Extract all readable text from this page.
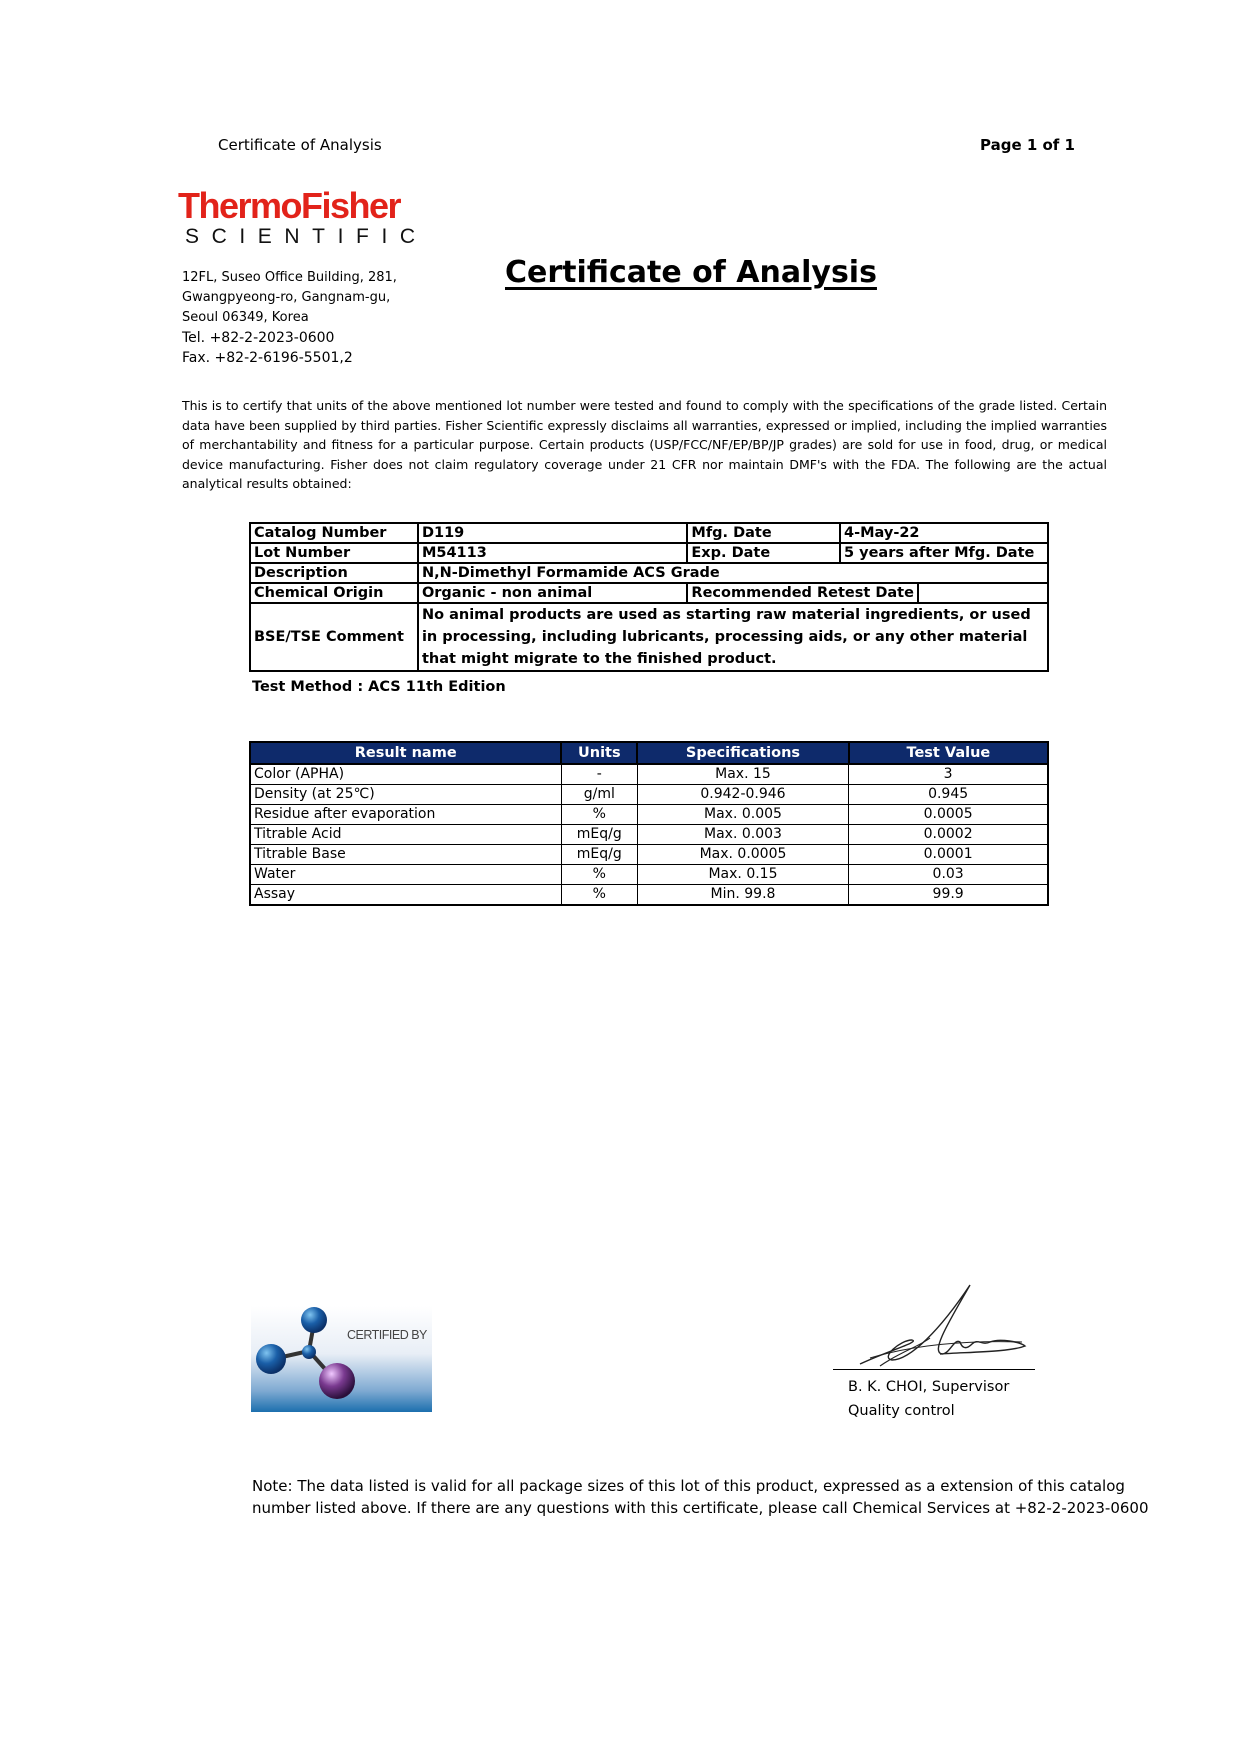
Certificate of Analysis	Page 1 of 1
ThermoFisher
SCIENTIFIC
12FL, Suseo Office Building, 281,
Gwangpyeong-ro, Gangnam-gu,
Seoul 06349, Korea
Tel. +82-2-2023-0600
Fax. +82-2-6196-5501,2
Certificate of Analysis
This is to certify that units of the above mentioned lot number were tested and found to comply with the specifications of the grade listed. Certain data have been supplied by third parties. Fisher Scientific expressly disclaims all warranties, expressed or implied, including the implied warranties of merchantability and fitness for a particular purpose. Certain products (USP/FCC/NF/EP/BP/JP grades) are sold for use in food, drug, or medical device manufacturing. Fisher does not claim regulatory coverage under 21 CFR nor maintain DMF's with the FDA. The following are the actual analytical results obtained:
Catalog Number	D119	Mfg. Date	4-May-22	
Lot Number	M54113	Exp. Date	5 years after Mfg. Date	
Description	N,N-Dimethyl Formamide ACS Grade			
Chemical Origin	Organic - non animal	Recommended Retest Date		
BSE/TSE Comment	No animal products are used as starting raw material ingredients, or used in processing, including lubricants, processing aids, or any other material that might migrate to the finished product.			
Test Method : ACS 11th Edition
Result name	Units	Specifications	Test Value
Color (APHA)	-	Max. 15	3
Density (at 25℃)	g/ml	0.942-0.946	0.945
Residue after evaporation	%	Max. 0.005	0.0005
Titrable Acid	mEq/g	Max. 0.003	0.0002
Titrable Base	mEq/g	Max. 0.0005	0.0001
Water	%	Max. 0.15	0.03
Assay	%	Min. 99.8	99.9
CERTIFIED BY
B. K. CHOI, Supervisor
Quality control
Note: The data listed is valid for all package sizes of this lot of this product, expressed as a extension of this catalog
number listed above. If there are any questions with this certificate, please call Chemical Services at +82-2-2023-0600
